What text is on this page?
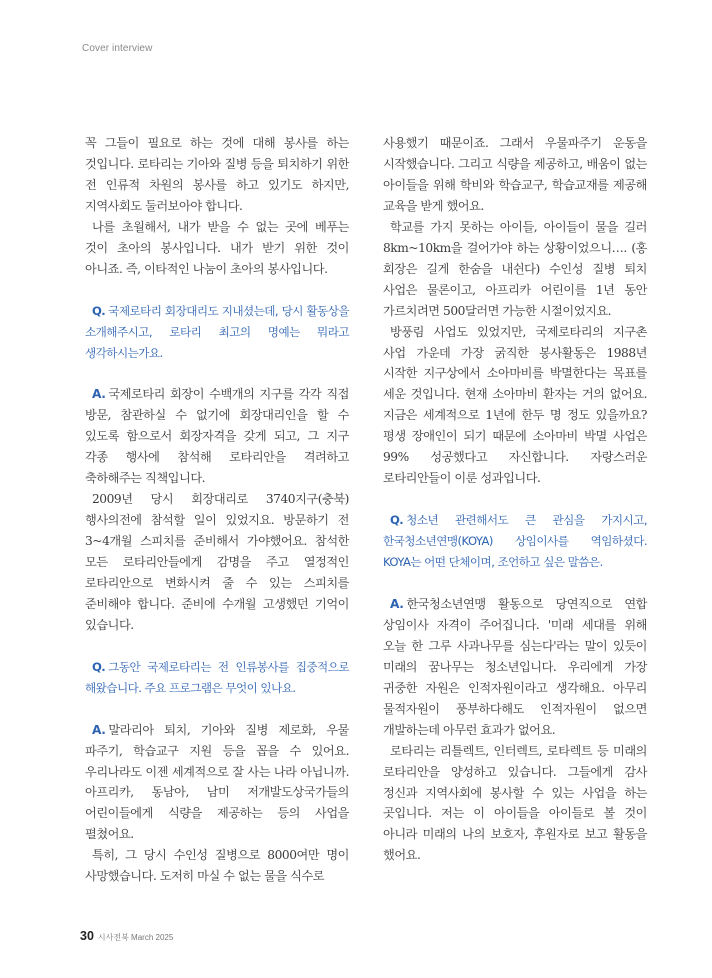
Cover interview

꼭 그들이 필요로 하는 것에 대해 봉사를 하는 것입니다. 로타리는 기아와 질병 등을 퇴치하기 위한 전 인류적 차원의 봉사를 하고 있기도 하지만, 지역사회도 둘러보아야 합니다.

나를 초월해서, 내가 받을 수 없는 곳에 베푸는 것이 초아의 봉사입니다. 내가 받기 위한 것이 아니죠. 즉, 이타적인 나눔이 초아의 봉사입니다.

Q. 국제로타리 회장대리도 지내셨는데, 당시 활동상을 소개해주시고, 로타리 최고의 명예는 뭐라고 생각하시는가요.

A. 국제로타리 회장이 수백개의 지구를 각각 직접 방문, 참관하실 수 없기에 회장대리인을 할 수 있도록 함으로서 회장자격을 갖게 되고, 그 지구 각종 행사에 참석해 로타리안을 격려하고 축하해주는 직책입니다.

2009년 당시 회장대리로 3740지구(충북) 행사의전에 참석할 일이 있었지요. 방문하기 전 3~4개월 스피치를 준비해서 가야했어요. 참석한 모든 로타리안들에게 감명을 주고 열정적인 로타리안으로 변화시켜 줄 수 있는 스피치를 준비해야 합니다. 준비에 수개월 고생했던 기억이 있습니다.

Q. 그동안 국제로타리는 전 인류봉사를 집중적으로 해왔습니다. 주요 프로그램은 무엇이 있나요.

A. 말라리아 퇴치, 기아와 질병 제로화, 우물 파주기, 학습교구 지원 등을 꼽을 수 있어요. 우리나라도 이젠 세계적으로 잘 사는 나라 아닙니까. 아프리카, 동남아, 남미 저개발도상국가들의 어린이들에게 식량을 제공하는 등의 사업을 펼쳤어요.

특히, 그 당시 수인성 질병으로 8000여만 명이 사망했습니다. 도저히 마실 수 없는 물을 식수로

사용했기 때문이죠. 그래서 우물파주기 운동을 시작했습니다. 그리고 식량을 제공하고, 배움이 없는 아이들을 위해 학비와 학습교구, 학습교재를 제공해 교육을 받게 했어요.

학교를 가지 못하는 아이들, 아이들이 물을 길러 8km~10km을 걸어가야 하는 상황이었으니…. (홍 회장은 길게 한숨을 내쉰다) 수인성 질병 퇴치 사업은 물론이고, 아프리카 어린이를 1년 동안 가르치려면 500달러면 가능한 시절이었지요.

방풍림 사업도 있었지만, 국제로타리의 지구촌 사업 가운데 가장 굵직한 봉사활동은 1988년 시작한 지구상에서 소아마비를 박멸한다는 목표를 세운 것입니다. 현재 소아마비 환자는 거의 없어요. 지금은 세계적으로 1년에 한두 명 정도 있을까요? 평생 장애인이 되기 때문에 소아마비 박멸 사업은 99% 성공했다고 자신합니다. 자랑스러운 로타리안들이 이룬 성과입니다.

Q. 청소년 관련해서도 큰 관심을 가지시고, 한국청소년연맹(KOYA) 상임이사를 역임하셨다. KOYA는 어떤 단체이며, 조언하고 싶은 말씀은.

A. 한국청소년연맹 활동으로 당연직으로 연합 상임이사 자격이 주어집니다. '미래 세대를 위해 오늘 한 그루 사과나무를 심는다'라는 말이 있듯이 미래의 꿈나무는 청소년입니다. 우리에게 가장 귀중한 자원은 인적자원이라고 생각해요. 아무리 물적자원이 풍부하다해도 인적자원이 없으면 개발하는데 아무런 효과가 없어요.

로타리는 리틀렉트, 인터렉트, 로타렉트 등 미래의 로타리안을 양성하고 있습니다. 그들에게 감사 정신과 지역사회에 봉사할 수 있는 사업을 하는 곳입니다. 저는 이 아이들을 아이들로 볼 것이 아니라 미래의 나의 보호자, 후원자로 보고 활동을 했어요.

30 시사전북 March 2025
